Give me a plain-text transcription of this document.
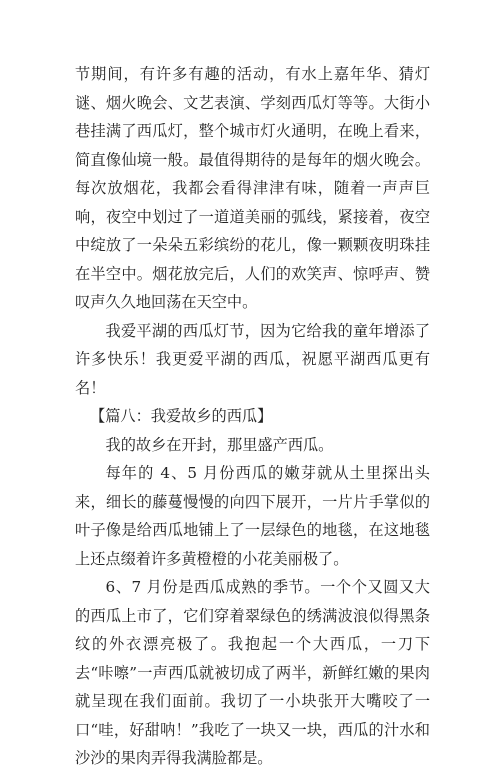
节期间，有许多有趣的活动，有水上嘉年华、猜灯谜、烟火晚会、文艺表演、学刻西瓜灯等等。大街小巷挂满了西瓜灯，整个城市灯火通明，在晚上看来，简直像仙境一般。最值得期待的是每年的烟火晚会。每次放烟花，我都会看得津津有味，随着一声声巨响，夜空中划过了一道道美丽的弧线，紧接着，夜空中绽放了一朵朵五彩缤纷的花儿，像一颗颗夜明珠挂在半空中。烟花放完后，人们的欢笑声、惊呼声、赞叹声久久地回荡在天空中。

我爱平湖的西瓜灯节，因为它给我的童年增添了许多快乐！我更爱平湖的西瓜，祝愿平湖西瓜更有名！

【篇八：我爱故乡的西瓜】

我的故乡在开封，那里盛产西瓜。

每年的 4、5 月份西瓜的嫩芽就从土里探出头来，细长的藤蔓慢慢的向四下展开，一片片手掌似的叶子像是给西瓜地铺上了一层绿色的地毯，在这地毯上还点缀着许多黄橙橙的小花美丽极了。

6、7 月份是西瓜成熟的季节。一个个又圆又大的西瓜上市了，它们穿着翠绿色的绣满波浪似得黑条纹的外衣漂亮极了。我抱起一个大西瓜，一刀下去“咔嚓”一声西瓜就被切成了两半，新鲜红嫩的果肉就呈现在我们面前。我切了一小块张开大嘴咬了一口“哇，好甜呐！”我吃了一块又一块，西瓜的汁水和沙沙的果肉弄得我满脸都是。
